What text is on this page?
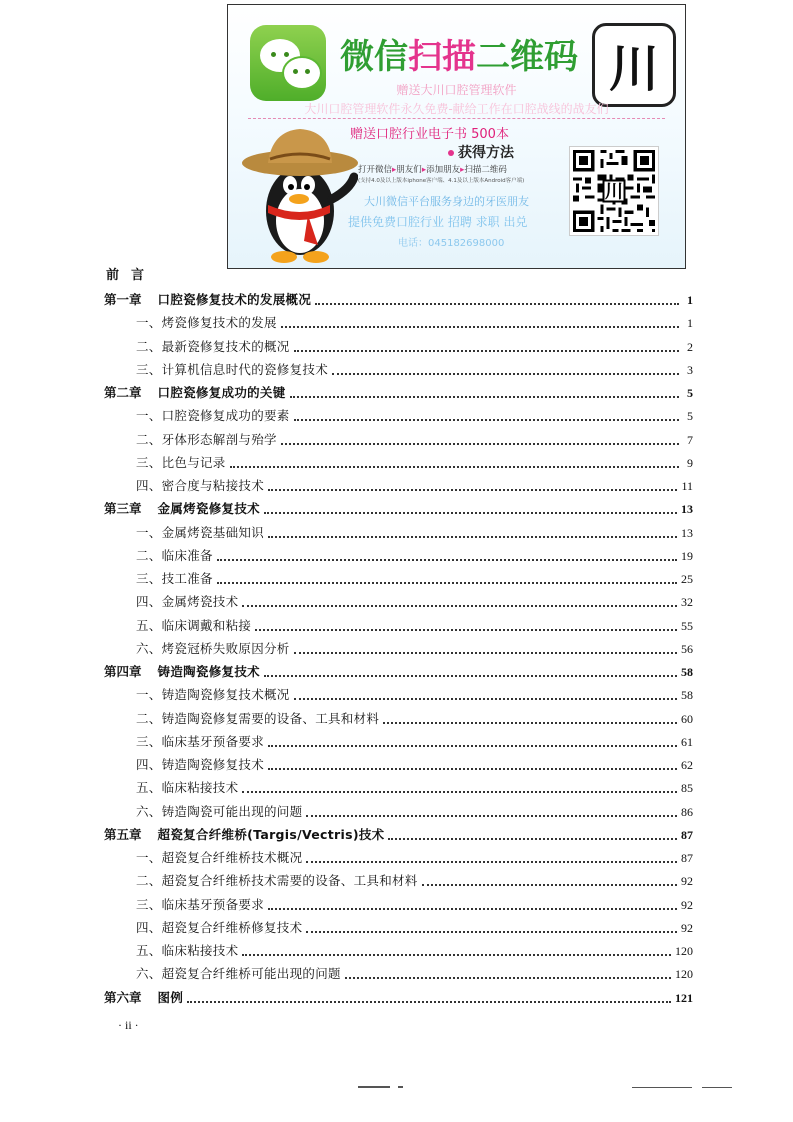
微信扫描二维码 川
赠送大川口腔管理软件
大川口腔管理软件永久免费-献给工作在口腔战线的战友们
赠送口腔行业电子书 500本
获得方法
打开微信▸朋友们▸添加朋友▸扫描二维码
(支持4.0及以上版本iphone客户端、4.1及以上版本Android客户端)
大川微信平台服务身边的牙医朋友
提供免费口腔行业 招聘 求职 出兑
电话：045182698000
川
前言
第一章 口腔瓷修复技术的发展概况	1
一、烤瓷修复技术的发展	1
二、最新瓷修复技术的概况	2
三、计算机信息时代的瓷修复技术	3
第二章 口腔瓷修复成功的关键	5
一、口腔瓷修复成功的要素	5
二、牙体形态解剖与殆学	7
三、比色与记录	9
四、密合度与粘接技术	11
第三章 金属烤瓷修复技术	13
一、金属烤瓷基础知识	13
二、临床准备	19
三、技工准备	25
四、金属烤瓷技术	32
五、临床调戴和粘接	55
六、烤瓷冠桥失败原因分析	56
第四章 铸造陶瓷修复技术	58
一、铸造陶瓷修复技术概况	58
二、铸造陶瓷修复需要的设备、工具和材料	60
三、临床基牙预备要求	61
四、铸造陶瓷修复技术	62
五、临床粘接技术	85
六、铸造陶瓷可能出现的问题	86
第五章 超瓷复合纤维桥(Targis/Vectris)技术	87
一、超瓷复合纤维桥技术概况	87
二、超瓷复合纤维桥技术需要的设备、工具和材料	92
三、临床基牙预备要求	92
四、超瓷复合纤维桥修复技术	92
五、临床粘接技术	120
六、超瓷复合纤维桥可能出现的问题	120
第六章 图例	121
· ii ·
